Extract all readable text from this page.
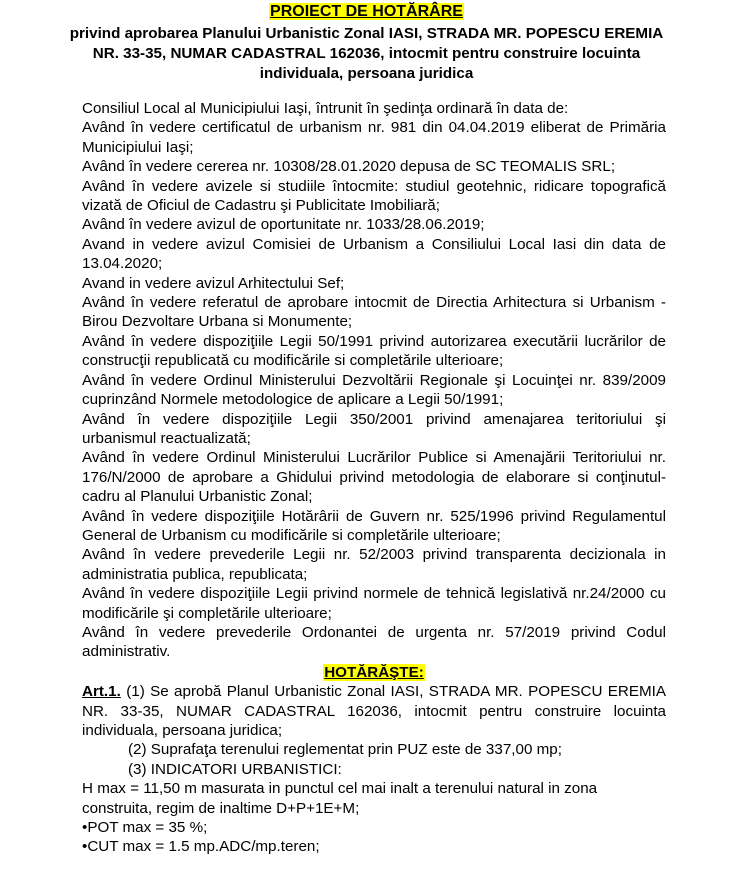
PROIECT DE HOTĂRÂRE
privind aprobarea Planului Urbanistic Zonal IASI, STRADA MR. POPESCU EREMIA NR. 33-35, NUMAR CADASTRAL 162036, intocmit pentru construire locuinta individuala, persoana juridica

Consiliul Local al Municipiului Iaşi, întrunit în şedinţa ordinară în data de:

Având în vedere certificatul de urbanism nr. 981 din 04.04.2019 eliberat de Primăria Municipiului Iaşi;

Având în vedere cererea nr. 10308/28.01.2020 depusa de SC TEOMALIS SRL;

Având în vedere avizele si studiile întocmite: studiul geotehnic, ridicare topografică vizată de Oficiul de Cadastru şi Publicitate Imobiliară;

Având în vedere avizul de oportunitate nr. 1033/28.06.2019;

Avand in vedere avizul Comisiei de Urbanism a Consiliului Local Iasi din data de 13.04.2020;

Avand in vedere avizul Arhitectului Sef;

Având în vedere referatul de aprobare intocmit de Directia Arhitectura si Urbanism - Birou Dezvoltare Urbana si Monumente;

Având în vedere dispoziţiile Legii 50/1991 privind autorizarea executării lucrărilor de construcţii republicată cu modificările si completările ulterioare;

Având în vedere Ordinul Ministerului Dezvoltării Regionale şi Locuinţei nr. 839/2009 cuprinzând Normele metodologice de aplicare a Legii 50/1991;

Având în vedere dispoziţiile Legii 350/2001 privind amenajarea teritoriului şi urbanismul reactualizată;

Având în vedere Ordinul Ministerului Lucrărilor Publice si Amenajării Teritoriului nr. 176/N/2000 de aprobare a Ghidului privind metodologia de elaborare si conţinutul-cadru al Planului Urbanistic Zonal;

Având în vedere dispoziţiile Hotărârii de Guvern nr. 525/1996 privind Regulamentul General de Urbanism cu modificările si completările ulterioare;

Având în vedere prevederile Legii nr. 52/2003 privind transparenta decizionala in administratia publica, republicata;

Având în vedere dispoziţiile Legii privind normele de tehnică legislativă nr.24/2000 cu modificările şi completările ulterioare;

Având în vedere prevederile Ordonantei de urgenta nr. 57/2019 privind Codul administrativ.

HOTĂRĂŞTE:

Art.1. (1) Se aprobă Planul Urbanistic Zonal IASI, STRADA MR. POPESCU EREMIA NR. 33-35, NUMAR CADASTRAL 162036, intocmit pentru construire locuinta individuala, persoana juridica;

(2) Suprafaţa terenului reglementat prin PUZ este de 337,00 mp;

(3) INDICATORI URBANISTICI:

H max = 11,50 m masurata in punctul cel mai inalt a terenului natural in zona construita, regim de inaltime D+P+1E+M;

•POT max = 35 %;

•CUT max = 1.5 mp.ADC/mp.teren;
